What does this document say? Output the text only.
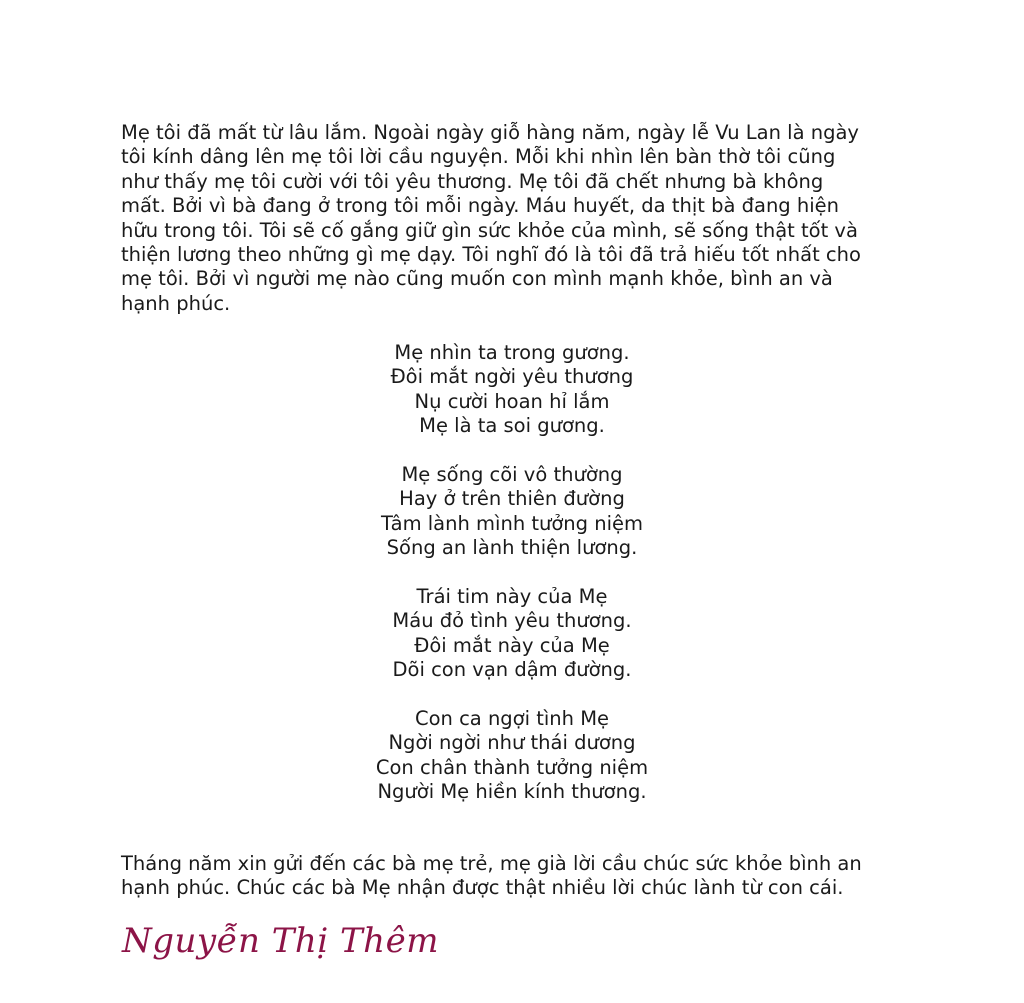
Mẹ tôi đã mất từ lâu lắm. Ngoài ngày giỗ hàng năm, ngày lễ Vu Lan là ngày
tôi kính dâng lên mẹ tôi lời cầu nguyện. Mỗi khi nhìn lên bàn thờ tôi cũng
như thấy mẹ tôi cười với tôi yêu thương. Mẹ tôi đã chết nhưng bà không
mất. Bởi vì bà đang ở trong tôi mỗi ngày. Máu huyết, da thịt bà đang hiện
hữu trong tôi. Tôi sẽ cố gắng giữ gìn sức khỏe của mình, sẽ sống thật tốt và
thiện lương theo những gì mẹ dạy. Tôi nghĩ đó là tôi đã trả hiếu tốt nhất cho
mẹ tôi. Bởi vì người mẹ nào cũng muốn con mình mạnh khỏe, bình an và
hạnh phúc.

Mẹ nhìn ta trong gương.
Đôi mắt ngời yêu thương
Nụ cười hoan hỉ lắm
Mẹ là ta soi gương.
Mẹ sống cõi vô thường
Hay ở trên thiên đường
Tâm lành mình tưởng niệm
Sống an lành thiện lương.
Trái tim này của Mẹ
Máu đỏ tình yêu thương.
Đôi mắt này của Mẹ
Dõi con vạn dậm đường.
Con ca ngợi tình Mẹ
Ngời ngời như thái dương
Con chân thành tưởng niệm
Người Mẹ hiền kính thương.

Tháng năm xin gửi đến các bà mẹ trẻ, mẹ già lời cầu chúc sức khỏe bình an
hạnh phúc. Chúc các bà Mẹ nhận được thật nhiều lời chúc lành từ con cái.

Nguyễn Thị Thêm
